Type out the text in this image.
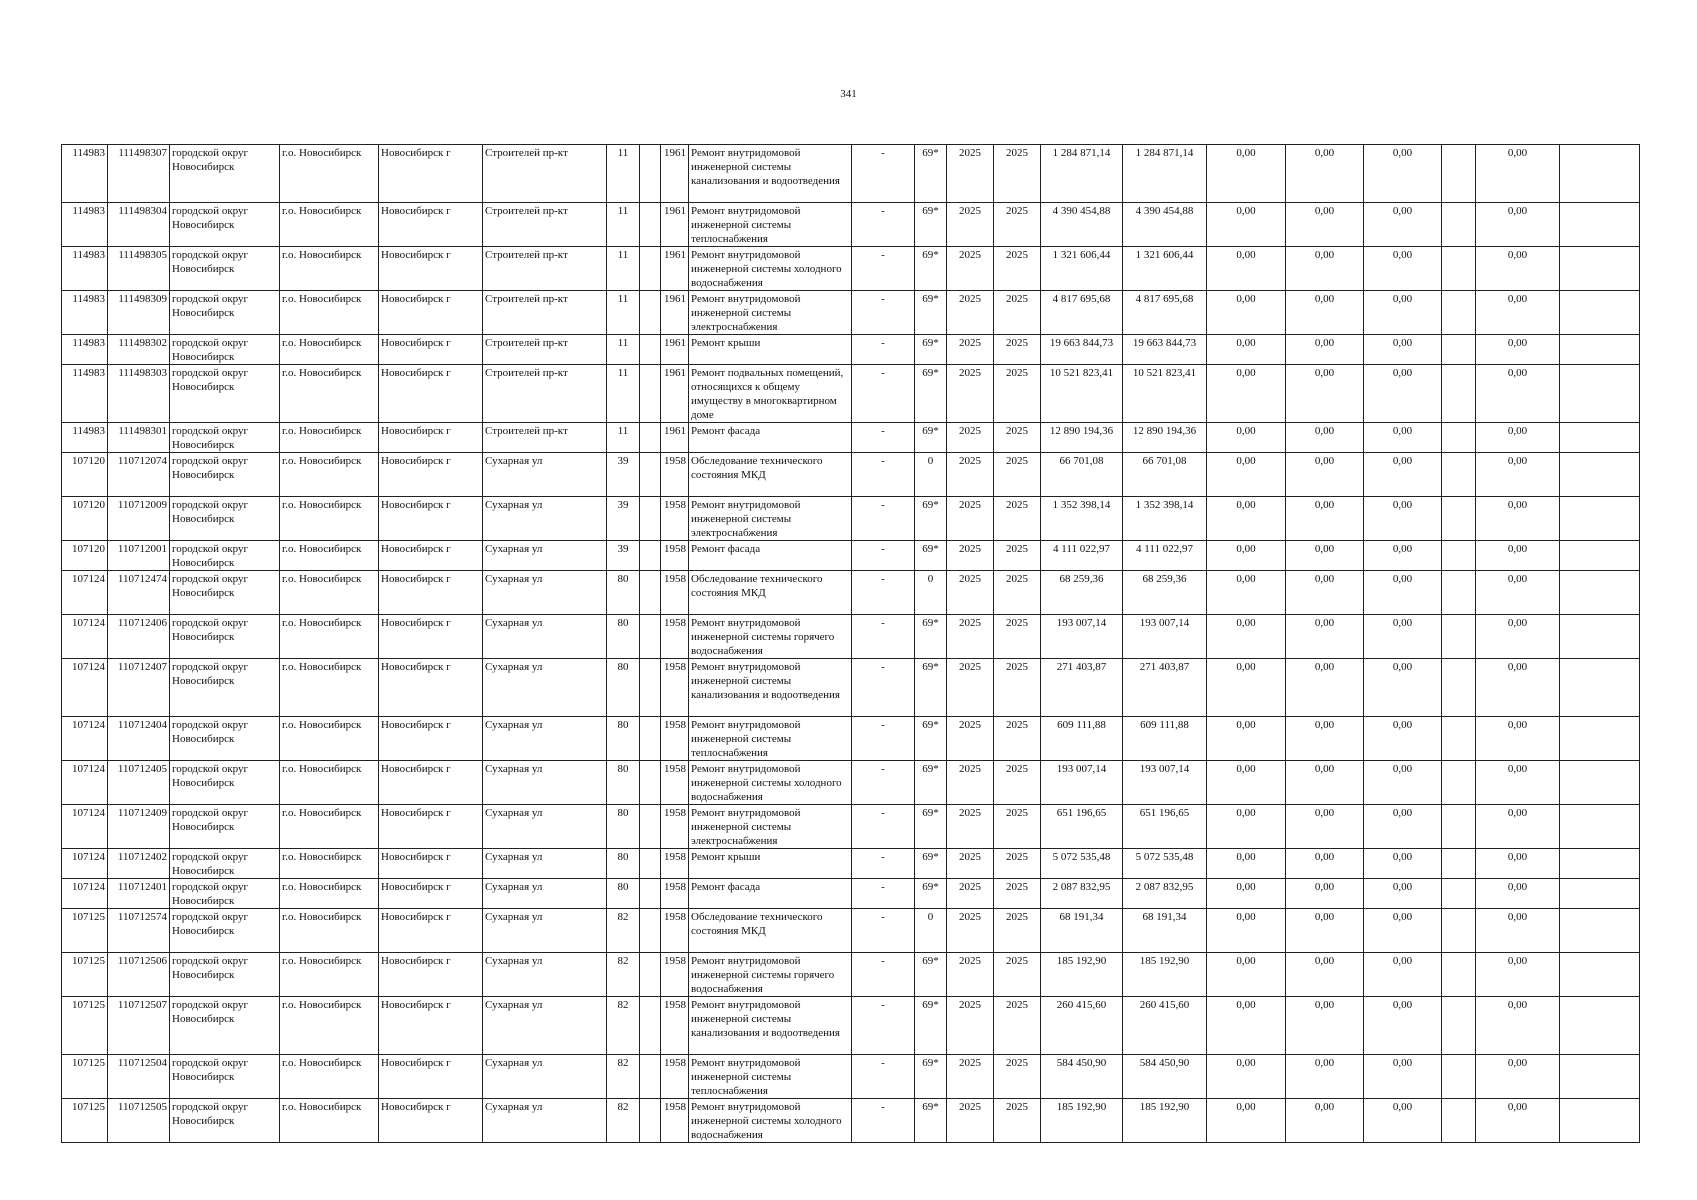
341
114983	111498307	городской округ Новосибирск	г.о. Новосибирск	Новосибирск г	Строителей пр-кт	11		1961	Ремонт внутридомовой инженерной системы канализования и водоотведения	-	69*	2025	2025	1 284 871,14	1 284 871,14	0,00	0,00	0,00		0,00	
114983	111498304	городской округ Новосибирск	г.о. Новосибирск	Новосибирск г	Строителей пр-кт	11		1961	Ремонт внутридомовой инженерной системы теплоснабжения	-	69*	2025	2025	4 390 454,88	4 390 454,88	0,00	0,00	0,00		0,00	
114983	111498305	городской округ Новосибирск	г.о. Новосибирск	Новосибирск г	Строителей пр-кт	11		1961	Ремонт внутридомовой инженерной системы холодного водоснабжения	-	69*	2025	2025	1 321 606,44	1 321 606,44	0,00	0,00	0,00		0,00	
114983	111498309	городской округ Новосибирск	г.о. Новосибирск	Новосибирск г	Строителей пр-кт	11		1961	Ремонт внутридомовой инженерной системы электроснабжения	-	69*	2025	2025	4 817 695,68	4 817 695,68	0,00	0,00	0,00		0,00	
114983	111498302	городской округ Новосибирск	г.о. Новосибирск	Новосибирск г	Строителей пр-кт	11		1961	Ремонт крыши	-	69*	2025	2025	19 663 844,73	19 663 844,73	0,00	0,00	0,00		0,00	
114983	111498303	городской округ Новосибирск	г.о. Новосибирск	Новосибирск г	Строителей пр-кт	11		1961	Ремонт подвальных помещений, относящихся к общему имуществу в многоквартирном доме	-	69*	2025	2025	10 521 823,41	10 521 823,41	0,00	0,00	0,00		0,00	
114983	111498301	городской округ Новосибирск	г.о. Новосибирск	Новосибирск г	Строителей пр-кт	11		1961	Ремонт фасада	-	69*	2025	2025	12 890 194,36	12 890 194,36	0,00	0,00	0,00		0,00	
107120	110712074	городской округ Новосибирск	г.о. Новосибирск	Новосибирск г	Сухарная ул	39		1958	Обследование технического состояния МКД	-	0	2025	2025	66 701,08	66 701,08	0,00	0,00	0,00		0,00	
107120	110712009	городской округ Новосибирск	г.о. Новосибирск	Новосибирск г	Сухарная ул	39		1958	Ремонт внутридомовой инженерной системы электроснабжения	-	69*	2025	2025	1 352 398,14	1 352 398,14	0,00	0,00	0,00		0,00	
107120	110712001	городской округ Новосибирск	г.о. Новосибирск	Новосибирск г	Сухарная ул	39		1958	Ремонт фасада	-	69*	2025	2025	4 111 022,97	4 111 022,97	0,00	0,00	0,00		0,00	
107124	110712474	городской округ Новосибирск	г.о. Новосибирск	Новосибирск г	Сухарная ул	80		1958	Обследование технического состояния МКД	-	0	2025	2025	68 259,36	68 259,36	0,00	0,00	0,00		0,00	
107124	110712406	городской округ Новосибирск	г.о. Новосибирск	Новосибирск г	Сухарная ул	80		1958	Ремонт внутридомовой инженерной системы горячего водоснабжения	-	69*	2025	2025	193 007,14	193 007,14	0,00	0,00	0,00		0,00	
107124	110712407	городской округ Новосибирск	г.о. Новосибирск	Новосибирск г	Сухарная ул	80		1958	Ремонт внутридомовой инженерной системы канализования и водоотведения	-	69*	2025	2025	271 403,87	271 403,87	0,00	0,00	0,00		0,00	
107124	110712404	городской округ Новосибирск	г.о. Новосибирск	Новосибирск г	Сухарная ул	80		1958	Ремонт внутридомовой инженерной системы теплоснабжения	-	69*	2025	2025	609 111,88	609 111,88	0,00	0,00	0,00		0,00	
107124	110712405	городской округ Новосибирск	г.о. Новосибирск	Новосибирск г	Сухарная ул	80		1958	Ремонт внутридомовой инженерной системы холодного водоснабжения	-	69*	2025	2025	193 007,14	193 007,14	0,00	0,00	0,00		0,00	
107124	110712409	городской округ Новосибирск	г.о. Новосибирск	Новосибирск г	Сухарная ул	80		1958	Ремонт внутридомовой инженерной системы электроснабжения	-	69*	2025	2025	651 196,65	651 196,65	0,00	0,00	0,00		0,00	
107124	110712402	городской округ Новосибирск	г.о. Новосибирск	Новосибирск г	Сухарная ул	80		1958	Ремонт крыши	-	69*	2025	2025	5 072 535,48	5 072 535,48	0,00	0,00	0,00		0,00	
107124	110712401	городской округ Новосибирск	г.о. Новосибирск	Новосибирск г	Сухарная ул	80		1958	Ремонт фасада	-	69*	2025	2025	2 087 832,95	2 087 832,95	0,00	0,00	0,00		0,00	
107125	110712574	городской округ Новосибирск	г.о. Новосибирск	Новосибирск г	Сухарная ул	82		1958	Обследование технического состояния МКД	-	0	2025	2025	68 191,34	68 191,34	0,00	0,00	0,00		0,00	
107125	110712506	городской округ Новосибирск	г.о. Новосибирск	Новосибирск г	Сухарная ул	82		1958	Ремонт внутридомовой инженерной системы горячего водоснабжения	-	69*	2025	2025	185 192,90	185 192,90	0,00	0,00	0,00		0,00	
107125	110712507	городской округ Новосибирск	г.о. Новосибирск	Новосибирск г	Сухарная ул	82		1958	Ремонт внутридомовой инженерной системы канализования и водоотведения	-	69*	2025	2025	260 415,60	260 415,60	0,00	0,00	0,00		0,00	
107125	110712504	городской округ Новосибирск	г.о. Новосибирск	Новосибирск г	Сухарная ул	82		1958	Ремонт внутридомовой инженерной системы теплоснабжения	-	69*	2025	2025	584 450,90	584 450,90	0,00	0,00	0,00		0,00	
107125	110712505	городской округ Новосибирск	г.о. Новосибирск	Новосибирск г	Сухарная ул	82		1958	Ремонт внутридомовой инженерной системы холодного водоснабжения	-	69*	2025	2025	185 192,90	185 192,90	0,00	0,00	0,00		0,00	
